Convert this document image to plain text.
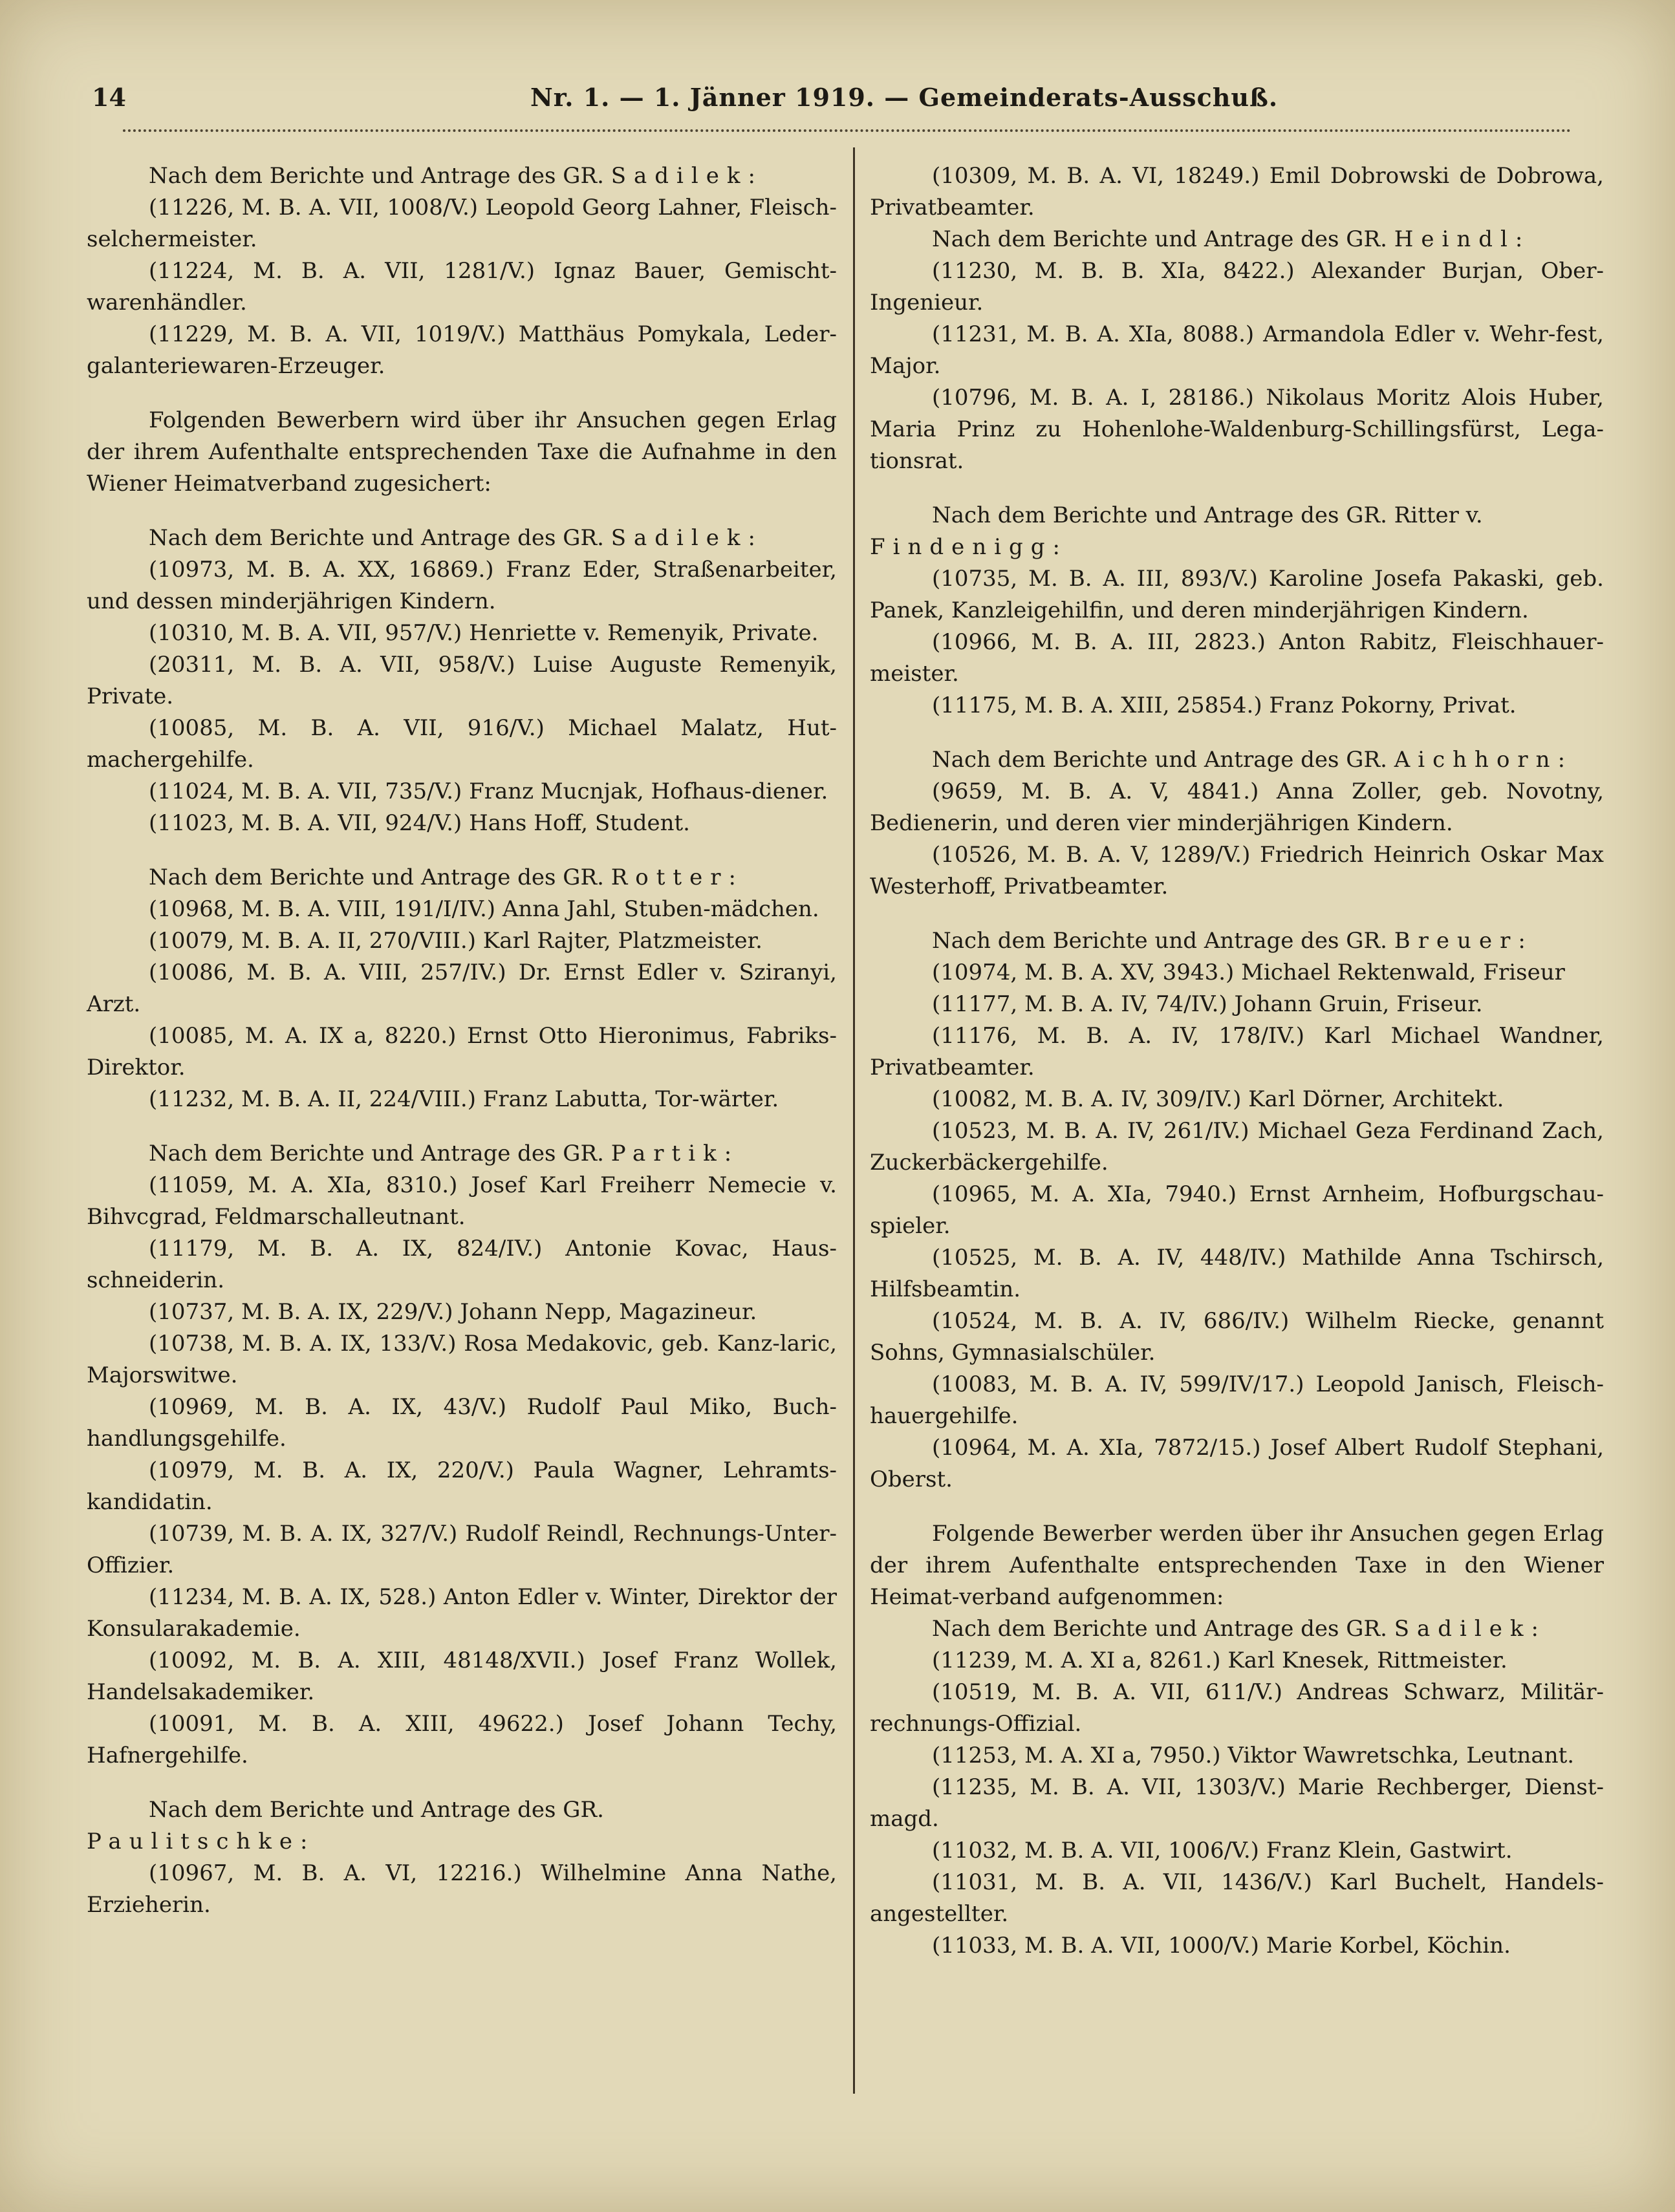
14	Nr. 1. — 1. Jänner 1919. — Gemeinderats-Ausschuß.

Nach dem Berichte und Antrage des GR. Sadilek:

(11226, M. B. A. VII, 1008/V.) Leopold Georg Lahner, Fleisch-selchermeister.

(11224, M. B. A. VII, 1281/V.) Ignaz Bauer, Gemischt-warenhändler.

(11229, M. B. A. VII, 1019/V.) Matthäus Pomykala, Leder-galanteriewaren-Erzeuger.

Folgenden Bewerbern wird über ihr Ansuchen gegen Erlag der ihrem Aufenthalte entsprechenden Taxe die Aufnahme in den Wiener Heimatverband zugesichert:

Nach dem Berichte und Antrage des GR. Sadilek:

(10973, M. B. A. XX, 16869.) Franz Eder, Straßenarbeiter, und dessen minderjährigen Kindern.

(10310, M. B. A. VII, 957/V.) Henriette v. Remenyik, Private.

(20311, M. B. A. VII, 958/V.) Luise Auguste Remenyik, Private.

(10085, M. B. A. VII, 916/V.) Michael Malatz, Hut-machergehilfe.

(11024, M. B. A. VII, 735/V.) Franz Mucnjak, Hofhaus-diener.

(11023, M. B. A. VII, 924/V.) Hans Hoff, Student.

Nach dem Berichte und Antrage des GR. Rotter:

(10968, M. B. A. VIII, 191/I/IV.) Anna Jahl, Stuben-mädchen.

(10079, M. B. A. II, 270/VIII.) Karl Rajter, Platzmeister.

(10086, M. B. A. VIII, 257/IV.) Dr. Ernst Edler v. Sziranyi, Arzt.

(10085, M. A. IX a, 8220.) Ernst Otto Hieronimus, Fabriks-Direktor.

(11232, M. B. A. II, 224/VIII.) Franz Labutta, Tor-wärter.

Nach dem Berichte und Antrage des GR. Partik:

(11059, M. A. XIa, 8310.) Josef Karl Freiherr Nemecie v. Bihvcgrad, Feldmarschalleutnant.

(11179, M. B. A. IX, 824/IV.) Antonie Kovac, Haus-schneiderin.

(10737, M. B. A. IX, 229/V.) Johann Nepp, Magazineur.

(10738, M. B. A. IX, 133/V.) Rosa Medakovic, geb. Kanz-laric, Majorswitwe.

(10969, M. B. A. IX, 43/V.) Rudolf Paul Miko, Buch-handlungsgehilfe.

(10979, M. B. A. IX, 220/V.) Paula Wagner, Lehramts-kandidatin.

(10739, M. B. A. IX, 327/V.) Rudolf Reindl, Rechnungs-Unter-Offizier.

(11234, M. B. A. IX, 528.) Anton Edler v. Winter, Direktor der Konsularakademie.

(10092, M. B. A. XIII, 48148/XVII.) Josef Franz Wollek, Handelsakademiker.

(10091, M. B. A. XIII, 49622.) Josef Johann Techy, Hafnergehilfe.

Nach dem Berichte und Antrage des GR. Paulitschke:

(10967, M. B. A. VI, 12216.) Wilhelmine Anna Nathe, Erzieherin.

(10309, M. B. A. VI, 18249.) Emil Dobrowski de Dobrowa, Privatbeamter.

Nach dem Berichte und Antrage des GR. Heindl:

(11230, M. B. B. XIa, 8422.) Alexander Burjan, Ober-Ingenieur.

(11231, M. B. A. XIa, 8088.) Armandola Edler v. Wehr-fest, Major.

(10796, M. B. A. I, 28186.) Nikolaus Moritz Alois Huber, Maria Prinz zu Hohenlohe-Waldenburg-Schillingsfürst, Lega-tionsrat.

Nach dem Berichte und Antrage des GR. Ritter v. Findenigg:

(10735, M. B. A. III, 893/V.) Karoline Josefa Pakaski, geb. Panek, Kanzleigehilfin, und deren minderjährigen Kindern.

(10966, M. B. A. III, 2823.) Anton Rabitz, Fleischhauer-meister.

(11175, M. B. A. XIII, 25854.) Franz Pokorny, Privat.

Nach dem Berichte und Antrage des GR. Aichhorn:

(9659, M. B. A. V, 4841.) Anna Zoller, geb. Novotny, Bedienerin, und deren vier minderjährigen Kindern.

(10526, M. B. A. V, 1289/V.) Friedrich Heinrich Oskar Max Westerhoff, Privatbeamter.

Nach dem Berichte und Antrage des GR. Breuer:

(10974, M. B. A. XV, 3943.) Michael Rektenwald, Friseur

(11177, M. B. A. IV, 74/IV.) Johann Gruin, Friseur.

(11176, M. B. A. IV, 178/IV.) Karl Michael Wandner, Privatbeamter.

(10082, M. B. A. IV, 309/IV.) Karl Dörner, Architekt.

(10523, M. B. A. IV, 261/IV.) Michael Geza Ferdinand Zach, Zuckerbäckergehilfe.

(10965, M. A. XIa, 7940.) Ernst Arnheim, Hofburgschau-spieler.

(10525, M. B. A. IV, 448/IV.) Mathilde Anna Tschirsch, Hilfsbeamtin.

(10524, M. B. A. IV, 686/IV.) Wilhelm Riecke, genannt Sohns, Gymnasialschüler.

(10083, M. B. A. IV, 599/IV/17.) Leopold Janisch, Fleisch-hauergehilfe.

(10964, M. A. XIa, 7872/15.) Josef Albert Rudolf Stephani, Oberst.

Folgende Bewerber werden über ihr Ansuchen gegen Erlag der ihrem Aufenthalte entsprechenden Taxe in den Wiener Heimat-verband aufgenommen:

Nach dem Berichte und Antrage des GR. Sadilek:

(11239, M. A. XI a, 8261.) Karl Knesek, Rittmeister.

(10519, M. B. A. VII, 611/V.) Andreas Schwarz, Militär-rechnungs-Offizial.

(11253, M. A. XI a, 7950.) Viktor Wawretschka, Leutnant.

(11235, M. B. A. VII, 1303/V.) Marie Rechberger, Dienst-magd.

(11032, M. B. A. VII, 1006/V.) Franz Klein, Gastwirt.

(11031, M. B. A. VII, 1436/V.) Karl Buchelt, Handels-angestellter.

(11033, M. B. A. VII, 1000/V.) Marie Korbel, Köchin.
